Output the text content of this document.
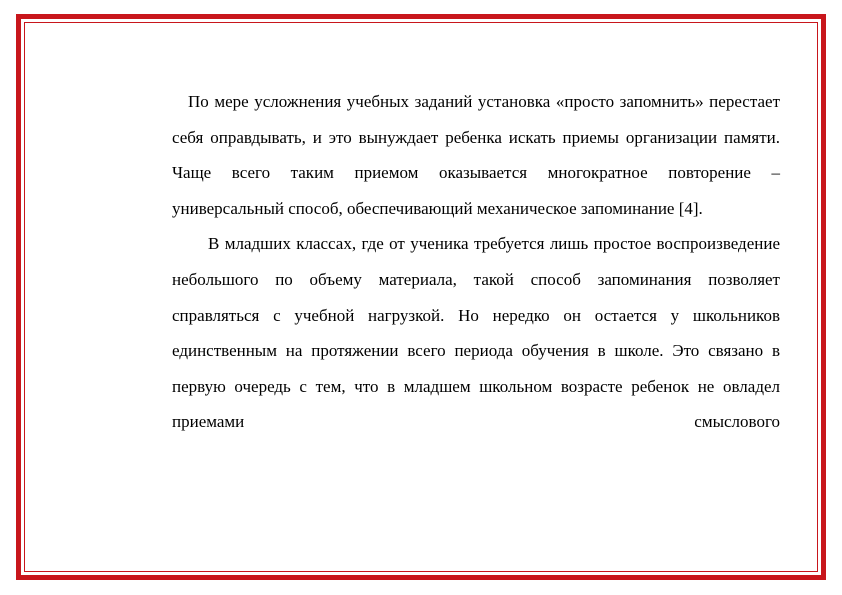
По мере усложнения учебных заданий установка «просто запомнить» перестает себя оправдывать, и это вынуждает ребенка искать приемы организации памяти. Чаще всего таким приемом оказывается многократное повторение – универсальный способ, обеспечивающий механическое запоминание [4].

В младших классах, где от ученика требуется лишь простое воспроизведение небольшого по объему материала, такой способ запоминания позволяет справляться с учебной нагрузкой. Но нередко он остается у школьников единственным на протяжении всего периода обучения в школе. Это связано в первую очередь с тем, что в младшем школьном возрасте ребенок не овладел приемами смыслового
